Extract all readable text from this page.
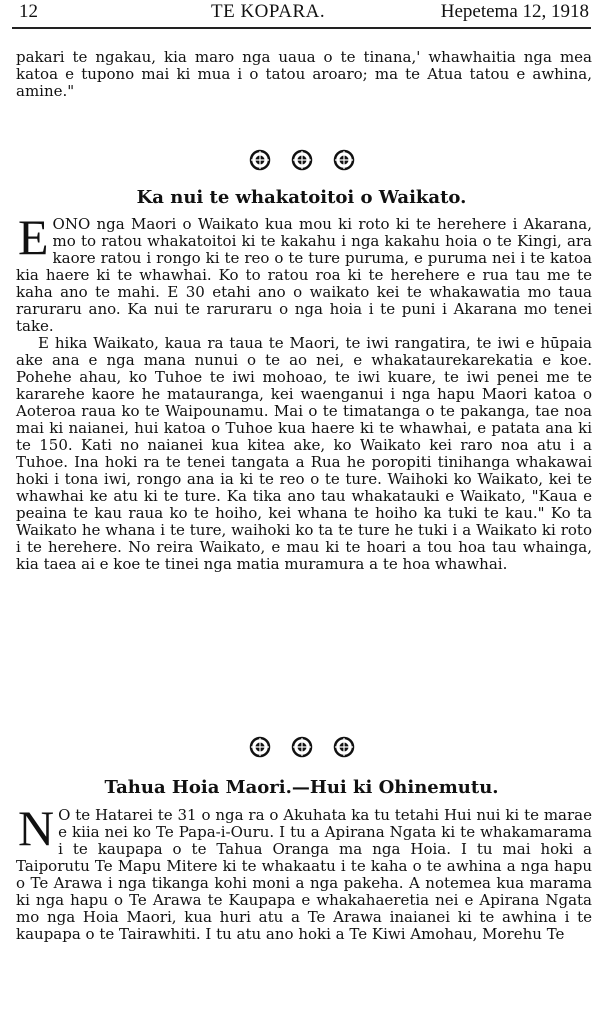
12	TE KOPARA.	Hepetema 12, 1918

pakari te ngakau, kia maro nga uaua o te tinana,' whawhaitia nga mea katoa e tupono mai ki mua i o tatou aroaro; ma te Atua tatou e awhina, amine."

Ka nui te whakatoitoi o Waikato.

EONO nga Maori o Waikato kua mou ki roto ki te herehere i Akarana, mo to ratou whakatoitoi ki te kakahu i nga kakahu hoia o te Kingi, ara kaore ratou i rongo ki te reo o te ture puruma, e puruma nei i te katoa kia haere ki te whawhai. Ko to ratou roa ki te herehere e rua tau me te kaha ano te mahi. E 30 etahi ano o waikato kei te whakawatia mo taua raruraru ano. Ka nui te raruraru o nga hoia i te puni i Akarana mo tenei take.

E hika Waikato, kaua ra taua te Maori, te iwi rangatira, te iwi e hūpaia ake ana e nga mana nunui o te ao nei, e whakataurekarekatia e koe. Pohehe ahau, ko Tuhoe te iwi mohoao, te iwi kuare, te iwi penei me te kararehe kaore he matauranga, kei waenganui i nga hapu Maori katoa o Aoteroa raua ko te Waipounamu. Mai o te timatanga o te pakanga, tae noa mai ki naianei, hui katoa o Tuhoe kua haere ki te whawhai, e patata ana ki te 150. Kati no naianei kua kitea ake, ko Waikato kei raro noa atu i a Tuhoe. Ina hoki ra te tenei tangata a Rua he poropiti tinihanga whakawai hoki i tona iwi, rongo ana ia ki te reo o te ture. Waihoki ko Waikato, kei te whawhai ke atu ki te ture. Ka tika ano tau whakatauki e Waikato, "Kaua e peaina te kau raua ko te hoiho, kei whana te hoiho ka tuki te kau." Ko ta Waikato he whana i te ture, waihoki ko ta te ture he tuki i a Waikato ki roto i te herehere. No reira Waikato, e mau ki te hoari a tou hoa tau whainga, kia taea ai e koe te tinei nga matia muramura a te hoa whawhai.

Tahua Hoia Maori.—Hui ki Ohinemutu.

N O te Hatarei te 31 o nga ra o Akuhata ka tu tetahi Hui nui ki te marae e kiia nei ko Te Papa-i-Ouru. I tu a Apirana Ngata ki te whakamarama i te kaupapa o te Tahua Oranga ma nga Hoia. I tu mai hoki a Taiporutu Te Mapu Mitere ki te whakaatu i te kaha o te awhina a nga hapu o Te Arawa i nga tikanga kohi moni a nga pakeha. A notemea kua marama ki nga hapu o Te Arawa te Kaupapa e whakahaeretia nei e Apirana Ngata mo nga Hoia Maori, kua huri atu a Te Arawa inaianei ki te awhina i te kaupapa o te Tairawhiti. I tu atu ano hoki a Te Kiwi Amohau, Morehu Te
